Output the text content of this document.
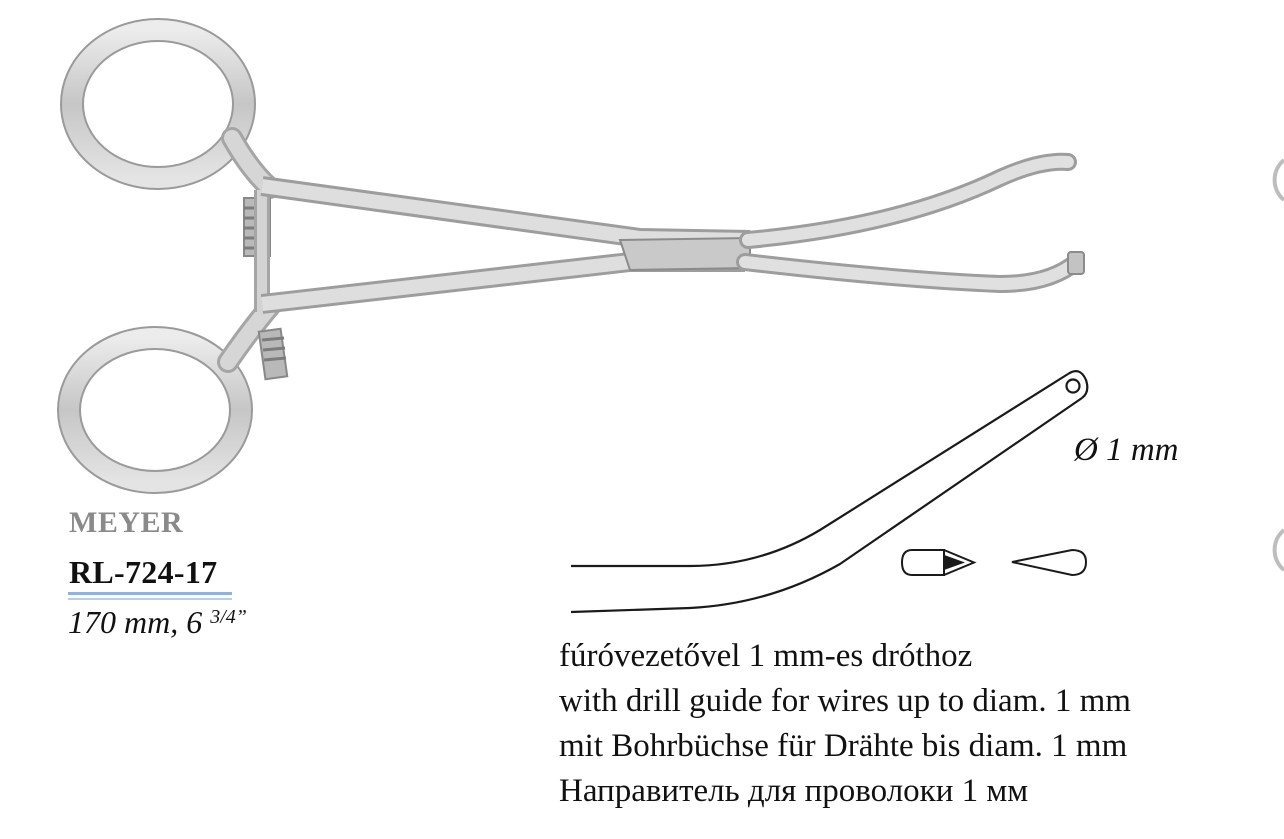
MEYER
RL-724-17
170 mm, 6 $^{3/4”}$
Ø 1 mm
fúróvezetővel 1 mm-es dróthoz
with drill guide for wires up to diam. 1 mm
mit Bohrbüchse für Drähte bis diam. 1 mm
Направитель для проволоки 1 мм
